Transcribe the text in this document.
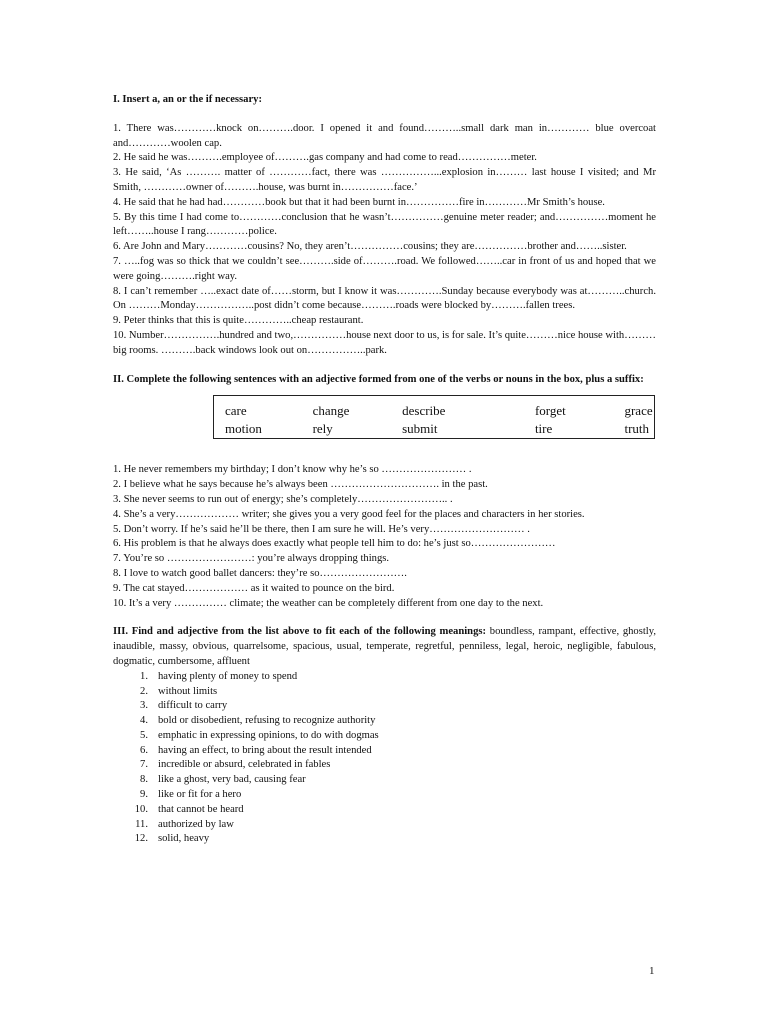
I. Insert a, an or the if necessary:

1. There was…………knock on……….door. I opened it and found………..small dark man in………… blue overcoat and…………woolen cap.

2. He said he was……….employee of……….gas company and had come to read……………meter.

3. He said, ‘As ………. matter of …………fact, there was ……………...explosion in……… last house I visited; and Mr Smith, …………owner of……….house, was burnt in……………face.’

4. He said that he had had…………book but that it had been burnt in……………fire in…………Mr Smith’s house.

5. By this time I had come to…………conclusion that he wasn’t……………genuine meter reader; and……………moment he left……..house I rang…………police.

6. Are John and Mary…………cousins? No, they aren’t……………cousins; they are……………brother and……..sister.

7. …..fog was so thick that we couldn’t see……….side of……….road. We followed……..car in front of us and hoped that we were going……….right way.

8. I can’t remember …..exact date of……storm, but I know it was………….Sunday because everybody was at………..church. On ………Monday……………..post didn’t come because……….roads were blocked by……….fallen trees.

9. Peter thinks that this is quite…………..cheap restaurant.

10. Number…………….hundred and two,……………house next door to us, is for sale. It’s quite………nice house with………big rooms. ……….back windows look out on……………..park.

II. Complete the following sentences with an adjective formed from one of the verbs or nouns in the box, plus a suffix:

care	change	describe	forget	grace
motion	rely	submit	tire	truth

1. He never remembers my birthday; I don’t know why he’s so …………………… .

2. I believe what he says because he’s always been …………………………. in the past.

3. She never seems to run out of energy; she’s completely…………………….. .

4. She’s a very……………… writer; she gives you a very good feel for the places and characters in her stories.

5. Don’t worry. If he’s said he’ll be there, then I am sure he will. He’s very……………………… .

6. His problem is that he always does exactly what people tell him to do: he’s just so……………………

7. You’re so ……………………: you’re always dropping things.

8. I love to watch good ballet dancers: they’re so…………………….

9. The cat stayed……………… as it waited to pounce on the bird.

10. It’s a very …………… climate; the weather can be completely different from one day to the next.

III. Find and adjective from the list above to fit each of the following meanings: boundless, rampant, effective, ghostly, inaudible, massy, obvious, quarrelsome, spacious, usual, temperate, regretful, penniless, legal, heroic, negligible, fabulous, dogmatic, cumbersome, affluent

1. having plenty of money to spend
2. without limits
3. difficult to carry
4. bold or disobedient, refusing to recognize authority
5. emphatic in expressing opinions, to do with dogmas
6. having an effect, to bring about the result intended
7. incredible or absurd, celebrated in fables
8. like a ghost, very bad, causing fear
9. like or fit for a hero
10. that cannot be heard
11. authorized by law
12. solid, heavy
1
